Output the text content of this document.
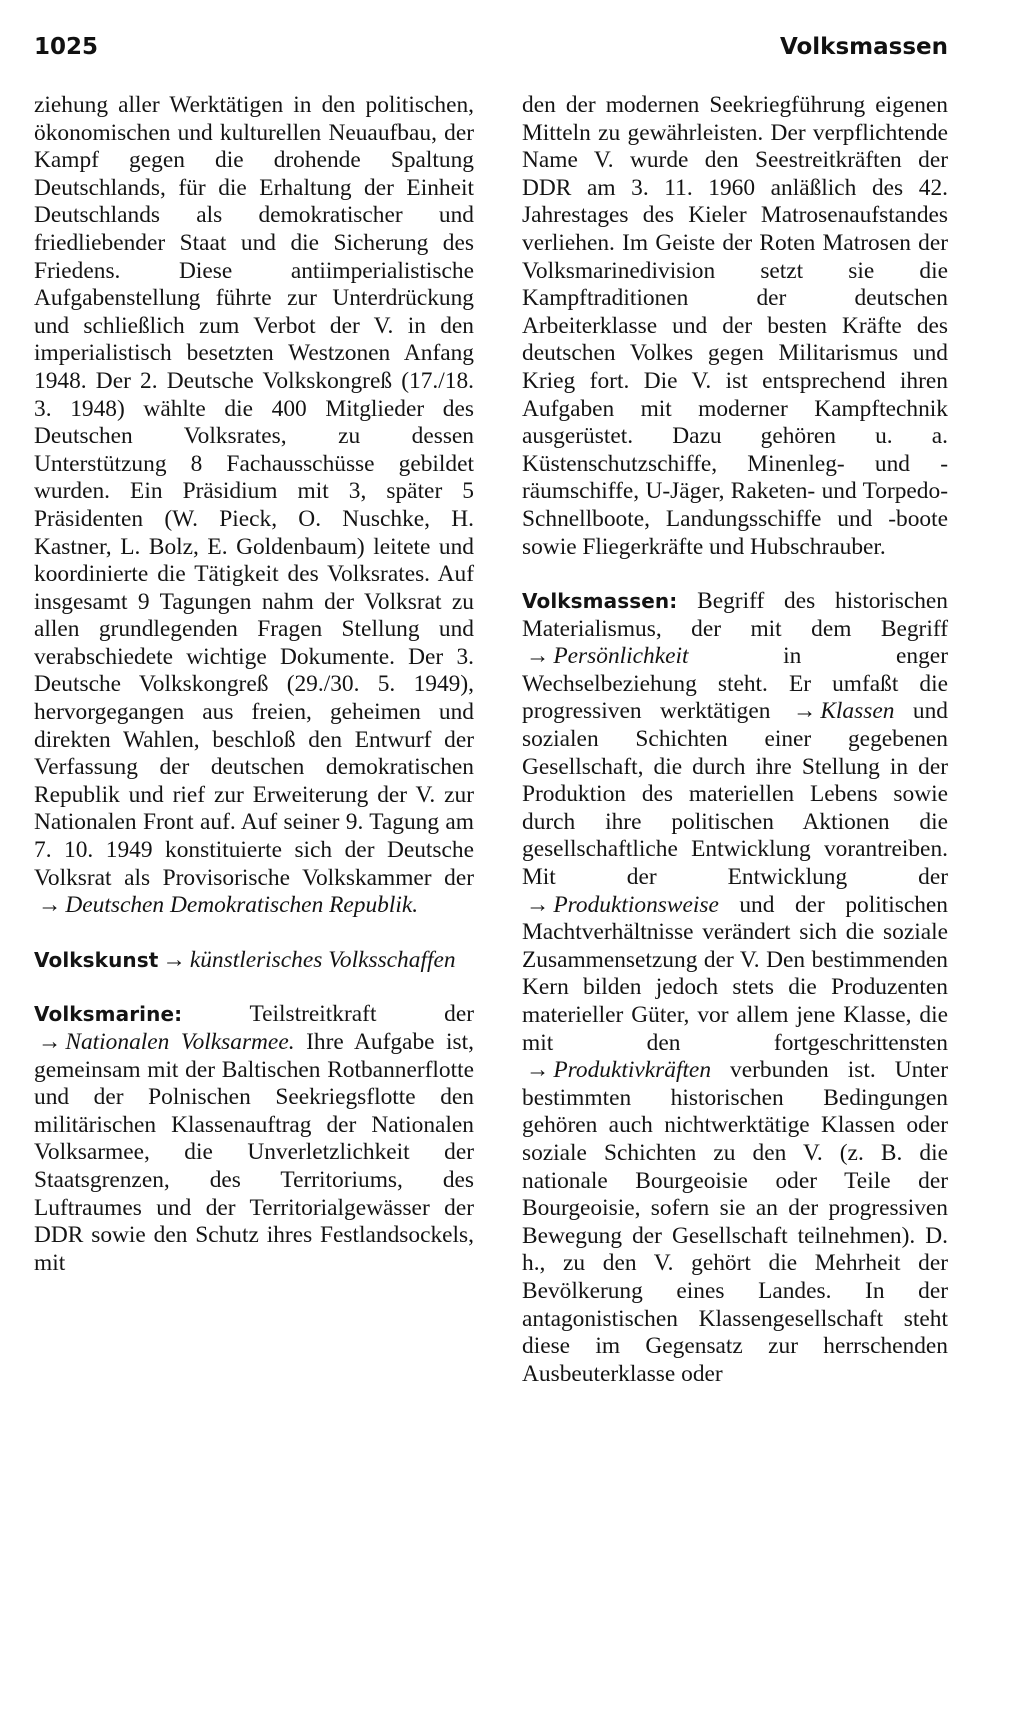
1025	Volksmassen

ziehung aller Werktätigen in den politischen, ökonomischen und kulturellen Neuaufbau, der Kampf gegen die drohende Spaltung Deutschlands, für die Erhaltung der Einheit Deutschlands als demokratischer und friedliebender Staat und die Sicherung des Friedens. Diese antiimperialistische Aufgabenstellung führte zur Unterdrückung und schließlich zum Verbot der V. in den imperialistisch besetzten Westzonen Anfang 1948. Der 2. Deutsche Volkskongreß (17./18. 3. 1948) wählte die 400 Mitglieder des Deutschen Volksrates, zu dessen Unterstützung 8 Fachausschüsse gebildet wurden. Ein Präsidium mit 3, später 5 Präsidenten (W. Pieck, O. Nuschke, H. Kastner, L. Bolz, E. Goldenbaum) leitete und koordinierte die Tätigkeit des Volksrates. Auf insgesamt 9 Tagungen nahm der Volksrat zu allen grundlegenden Fragen Stellung und verabschiedete wichtige Dokumente. Der 3. Deutsche Volkskongreß (29./30. 5. 1949), hervorgegangen aus freien, geheimen und direkten Wahlen, beschloß den Entwurf der Verfassung der deutschen demokratischen Republik und rief zur Erweiterung der V. zur Nationalen Front auf. Auf seiner 9. Tagung am 7. 10. 1949 konstituierte sich der Deutsche Volksrat als Provisorische Volkskammer der → Deutschen Demokratischen Republik.

Volkskunst → künstlerisches Volksschaffen

Volksmarine:	Teilstreitkraft der → Nationalen Volksarmee. Ihre Aufgabe ist, gemeinsam mit der Baltischen Rotbannerflotte und der Polnischen Seekriegsflotte den militärischen Klassenauftrag der Nationalen Volksarmee, die Unverletzlichkeit der Staatsgrenzen, des Territoriums, des Luftraumes und der Territorialgewässer der DDR sowie den Schutz ihres Festlandsockels, mit

den der modernen Seekriegführung eigenen Mitteln zu gewährleisten. Der verpflichtende Name V. wurde den Seestreitkräften der DDR am 3. 11. 1960 anläßlich des 42. Jahrestages des Kieler Matrosenaufstandes verliehen. Im Geiste der Roten Matrosen der Volksmarinedivision setzt sie die Kampftraditionen der deutschen Arbeiterklasse und der besten Kräfte des deutschen Volkes gegen Militarismus und Krieg fort. Die V. ist entsprechend ihren Aufgaben mit moderner Kampftechnik ausgerüstet. Dazu gehören u. a. Küstenschutzschiffe, Minenleg- und -räumschiffe, U-Jäger, Raketen- und Torpedo-Schnellboote, Landungsschiffe und -boote sowie Fliegerkräfte und Hubschrauber.

Volksmassen: Begriff des historischen Materialismus, der mit dem Begriff → Persönlichkeit	in enger Wechselbeziehung steht. Er umfaßt die progressiven werktätigen → Klassen und sozialen Schichten einer gegebenen Gesellschaft, die durch ihre Stellung in der Produktion des materiellen Lebens sowie durch ihre politischen Aktionen die gesellschaftliche Entwicklung vorantreiben. Mit der Entwicklung der → Produktionsweise und der politischen Machtverhältnisse verändert sich die soziale Zusammensetzung der V. Den bestimmenden Kern bilden jedoch stets die Produzenten materieller Güter, vor allem jene Klasse, die mit den fortgeschrittensten → Produktivkräften verbunden ist. Unter bestimmten historischen Bedingungen gehören auch nichtwerktätige Klassen oder soziale Schichten zu den V. (z. B. die nationale Bourgeoisie oder Teile der Bourgeoisie, sofern sie an der progressiven Bewegung der Gesellschaft teilnehmen). D. h., zu den V. gehört die Mehrheit der Bevölkerung eines Landes. In der antagonistischen Klassengesellschaft steht diese im Gegensatz zur herrschenden Ausbeuterklasse oder
